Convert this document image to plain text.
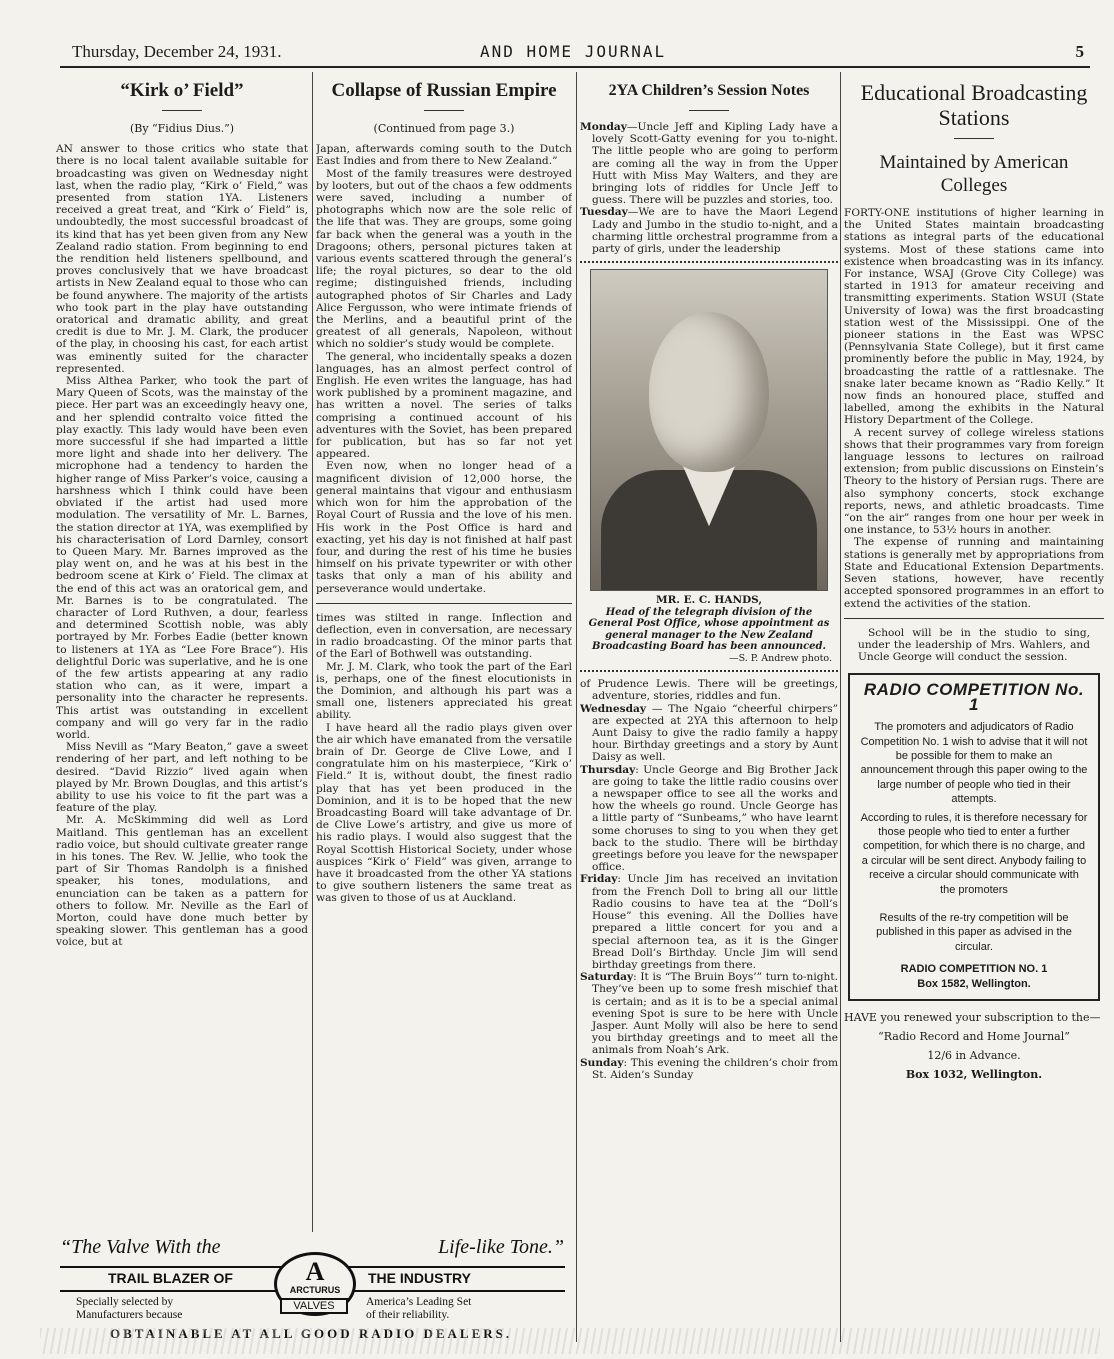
Thursday, December 24, 1931.	AND HOME JOURNAL	5
“Kirk o’ Field”
(By “Fidius Dius.”)

AN answer to those critics who state that there is no local talent available suitable for broadcasting was given on Wednesday night last, when the radio play, “Kirk o’ Field,” was presented from station 1YA. Listeners received a great treat, and “Kirk o’ Field” is, undoubtedly, the most successful broadcast of its kind that has yet been given from any New Zealand radio station. From beginning to end the rendition held listeners spellbound, and proves conclusively that we have broadcast artists in New Zealand equal to those who can be found anywhere. The majority of the artists who took part in the play have outstanding oratorical and dramatic ability, and great credit is due to Mr. J. M. Clark, the producer of the play, in choosing his cast, for each artist was eminently suited for the character represented.

Miss Althea Parker, who took the part of Mary Queen of Scots, was the mainstay of the piece. Her part was an exceedingly heavy one, and her splendid contralto voice fitted the play exactly. This lady would have been even more successful if she had imparted a little more light and shade into her delivery. The microphone had a tendency to harden the higher range of Miss Parker’s voice, causing a harshness which I think could have been obviated if the artist had used more modulation. The versatility of Mr. L. Barnes, the station director at 1YA, was exemplified by his characterisation of Lord Darnley, consort to Queen Mary. Mr. Barnes improved as the play went on, and he was at his best in the bedroom scene at Kirk o’ Field. The climax at the end of this act was an oratorical gem, and Mr. Barnes is to be congratulated. The character of Lord Ruthven, a dour, fearless and determined Scottish noble, was ably portrayed by Mr. Forbes Eadie (better known to listeners at 1YA as “Lee Fore Brace”). His delightful Doric was superlative, and he is one of the few artists appearing at any radio station who can, as it were, impart a personality into the character he represents. This artist was outstanding in excellent company and will go very far in the radio world.

Miss Nevill as “Mary Beaton,” gave a sweet rendering of her part, and left nothing to be desired. “David Rizzio” lived again when played by Mr. Brown Douglas, and this artist’s ability to use his voice to fit the part was a feature of the play.

Mr. A. McSkimming did well as Lord Maitland. This gentleman has an excellent radio voice, but should cultivate greater range in his tones. The Rev. W. Jellie, who took the part of Sir Thomas Randolph is a finished speaker, his tones, modulations, and enunciation can be taken as a pattern for others to follow. Mr. Neville as the Earl of Morton, could have done much better by speaking slower. This gentleman has a good voice, but at

Collapse of Russian Empire
(Continued from page 3.)

Japan, afterwards coming south to the Dutch East Indies and from there to New Zealand.”

Most of the family treasures were destroyed by looters, but out of the chaos a few oddments were saved, including a number of photographs which now are the sole relic of the life that was. They are groups, some going far back when the general was a youth in the Dragoons; others, personal pictures taken at various events scattered through the general’s life; the royal pictures, so dear to the old regime; distinguished friends, including autographed photos of Sir Charles and Lady Alice Fergusson, who were intimate friends of the Merlins, and a beautiful print of the greatest of all generals, Napoleon, without which no soldier’s study would be complete.

The general, who incidentally speaks a dozen languages, has an almost perfect control of English. He even writes the language, has had work published by a prominent magazine, and has written a novel. The series of talks comprising a continued account of his adventures with the Soviet, has been prepared for publication, but has so far not yet appeared.

Even now, when no longer head of a magnificent division of 12,000 horse, the general maintains that vigour and enthusiasm which won for him the approbation of the Royal Court of Russia and the love of his men. His work in the Post Office is hard and exacting, yet his day is not finished at half past four, and during the rest of his time he busies himself on his private typewriter or with other tasks that only a man of his ability and perseverance would undertake.

times was stilted in range. Inflection and deflection, even in conversation, are necessary in radio broadcasting. Of the minor parts that of the Earl of Bothwell was outstanding.

Mr. J. M. Clark, who took the part of the Earl is, perhaps, one of the finest elocutionists in the Dominion, and although his part was a small one, listeners appreciated his great ability.

I have heard all the radio plays given over the air which have emanated from the versatile brain of Dr. George de Clive Lowe, and I congratulate him on his masterpiece, “Kirk o’ Field.” It is, without doubt, the finest radio play that has yet been produced in the Dominion, and it is to be hoped that the new Broadcasting Board will take advantage of Dr. de Clive Lowe’s artistry, and give us more of his radio plays. I would also suggest that the Royal Scottish Historical Society, under whose auspices “Kirk o’ Field” was given, arrange to have it broadcasted from the other YA stations to give southern listeners the same treat as was given to those of us at Auckland.

2YA Children’s Session Notes

Monday—Uncle Jeff and Kipling Lady have a lovely Scott-Gatty evening for you to-night. The little people who are going to perform are coming all the way in from the Upper Hutt with Miss May Walters, and they are bringing lots of riddles for Uncle Jeff to guess. There will be puzzles and stories, too.

Tuesday—We are to have the Maori Legend Lady and Jumbo in the studio to-night, and a charming little orchestral programme from a party of girls, under the leadership

MR. E. C. HANDS,
Head of the telegraph division of the General Post Office, whose appointment as general manager to the New Zealand Broadcasting Board has been announced.
—S. P. Andrew photo.

of Prudence Lewis. There will be greetings, adventure, stories, riddles and fun.

Wednesday — The Ngaio “cheerful chirpers” are expected at 2YA this afternoon to help Aunt Daisy to give the radio family a happy hour. Birthday greetings and a story by Aunt Daisy as well.

Thursday: Uncle George and Big Brother Jack are going to take the little radio cousins over a newspaper office to see all the works and how the wheels go round. Uncle George has a little party of “Sunbeams,” who have learnt some choruses to sing to you when they get back to the studio. There will be birthday greetings before you leave for the newspaper office.

Friday: Uncle Jim has received an invitation from the French Doll to bring all our little Radio cousins to have tea at the “Doll’s House” this evening. All the Dollies have prepared a little concert for you and a special afternoon tea, as it is the Ginger Bread Doll’s Birthday. Uncle Jim will send birthday greetings from there.

Saturday: It is “The Bruin Boys’” turn to-night. They’ve been up to some fresh mischief that is certain; and as it is to be a special animal evening Spot is sure to be here with Uncle Jasper. Aunt Molly will also be here to send you birthday greetings and to meet all the animals from Noah’s Ark.

Sunday: This evening the children’s choir from St. Aiden’s Sunday

Educational Broadcasting Stations
Maintained by American Colleges

FORTY-ONE institutions of higher learning in the United States maintain broadcasting stations as integral parts of the educational systems. Most of these stations came into existence when broadcasting was in its infancy. For instance, WSAJ (Grove City College) was started in 1913 for amateur receiving and transmitting experiments. Station WSUI (State University of Iowa) was the first broadcasting station west of the Mississippi. One of the pioneer stations in the East was WPSC (Pennsylvania State College), but it first came prominently before the public in May, 1924, by broadcasting the rattle of a rattlesnake. The snake later became known as “Radio Kelly.” It now finds an honoured place, stuffed and labelled, among the exhibits in the Natural History Department of the College.

A recent survey of college wireless stations shows that their programmes vary from foreign language lessons to lectures on railroad extension; from public discussions on Einstein’s Theory to the history of Persian rugs. There are also symphony concerts, stock exchange reports, news, and athletic broadcasts. Time “on the air” ranges from one hour per week in one instance, to 53½ hours in another.

The expense of running and maintaining stations is generally met by appropriations from State and Educational Extension Departments. Seven stations, however, have recently accepted sponsored programmes in an effort to extend the activities of the station.

School will be in the studio to sing, under the leadership of Mrs. Wahlers, and Uncle George will conduct the session.

RADIO COMPETITION No. 1

The promoters and adjudicators of Radio Competition No. 1 wish to advise that it will not be possible for them to make an announcement through this paper owing to the large number of people who tied in their attempts.

According to rules, it is therefore necessary for those people who tied to enter a further competition, for which there is no charge, and a circular will be sent direct. Anybody failing to receive a circular should communicate with the promoters

Results of the re-try competition will be published in this paper as advised in the circular.

RADIO COMPETITION NO. 1
Box 1582, Wellington.

HAVE you renewed your subscription to the—

“Radio Record and Home Journal”
12/6 in Advance.
Box 1032, Wellington.
“The Valve With the	Life-like Tone.”
TRAIL BLAZER OF	THE INDUSTRY
A
ARCTURUS
VALVES
Specially selected by
Manufacturers because
America’s Leading Set
of their reliability.
OBTAINABLE AT ALL GOOD RADIO DEALERS.
